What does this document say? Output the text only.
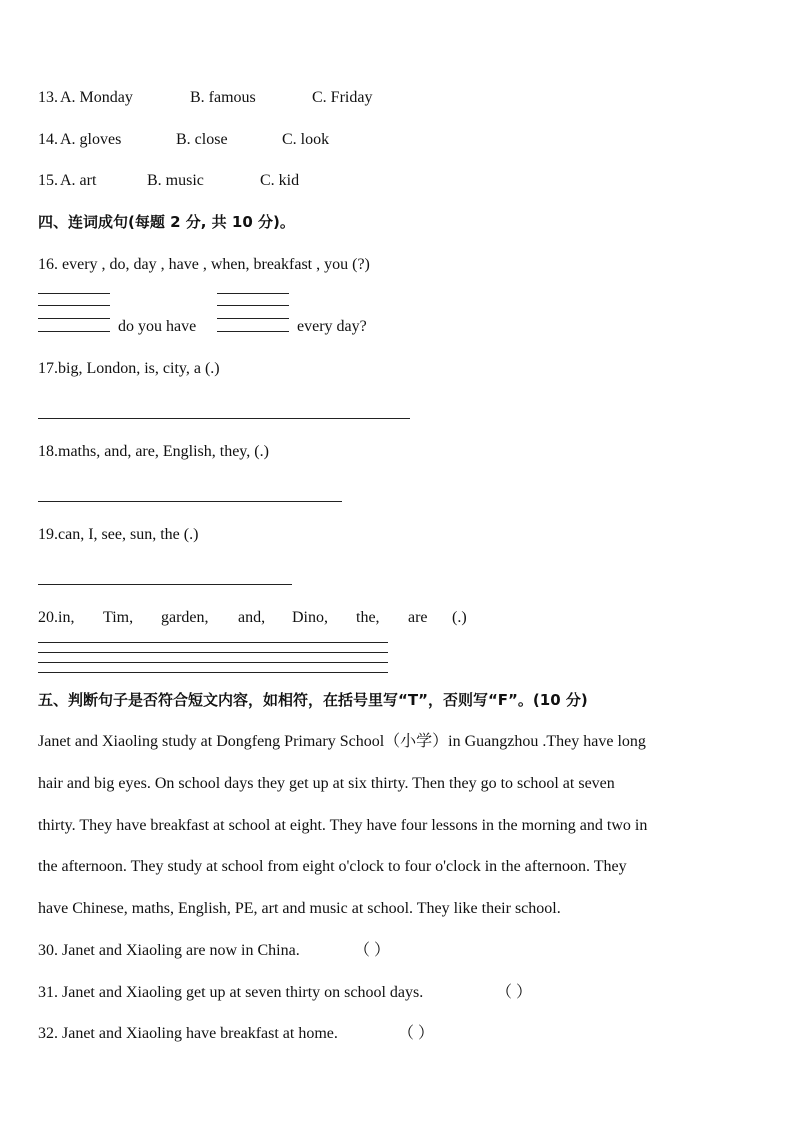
13. A. Monday	B. famous	C. Friday
14. A. gloves	B. close	C. look
15. A. art	B. music	C. kid
四、连词成句(每题 2 分, 共 10 分)。
16. every , do, day , have , when, breakfast , you (?)
do you have	every day?
17.big, London, is, city, a (.)
18.maths, and, are, English, they, (.)
19.can, I, see, sun, the (.)
20.in, Tim, garden, and, Dino, the, are (.)
五、判断句子是否符合短文内容，如相符，在括号里写“T”，否则写“F”。(10 分)
Janet and Xiaoling study at Dongfeng Primary School（小学）in Guangzhou .They have long
hair and big eyes. On school days they get up at six thirty. Then they go to school at seven
thirty. They have breakfast at school at eight. They have four lessons in the morning and two in
the afternoon. They study at school from eight o'clock to four o'clock in the afternoon. They
have Chinese, maths, English, PE, art and music at school. They like their school.
30. Janet and Xiaoling are now in China.	（ ）
31. Janet and Xiaoling get up at seven thirty on school days.	（ ）
32. Janet and Xiaoling have breakfast at home.	（ ）
